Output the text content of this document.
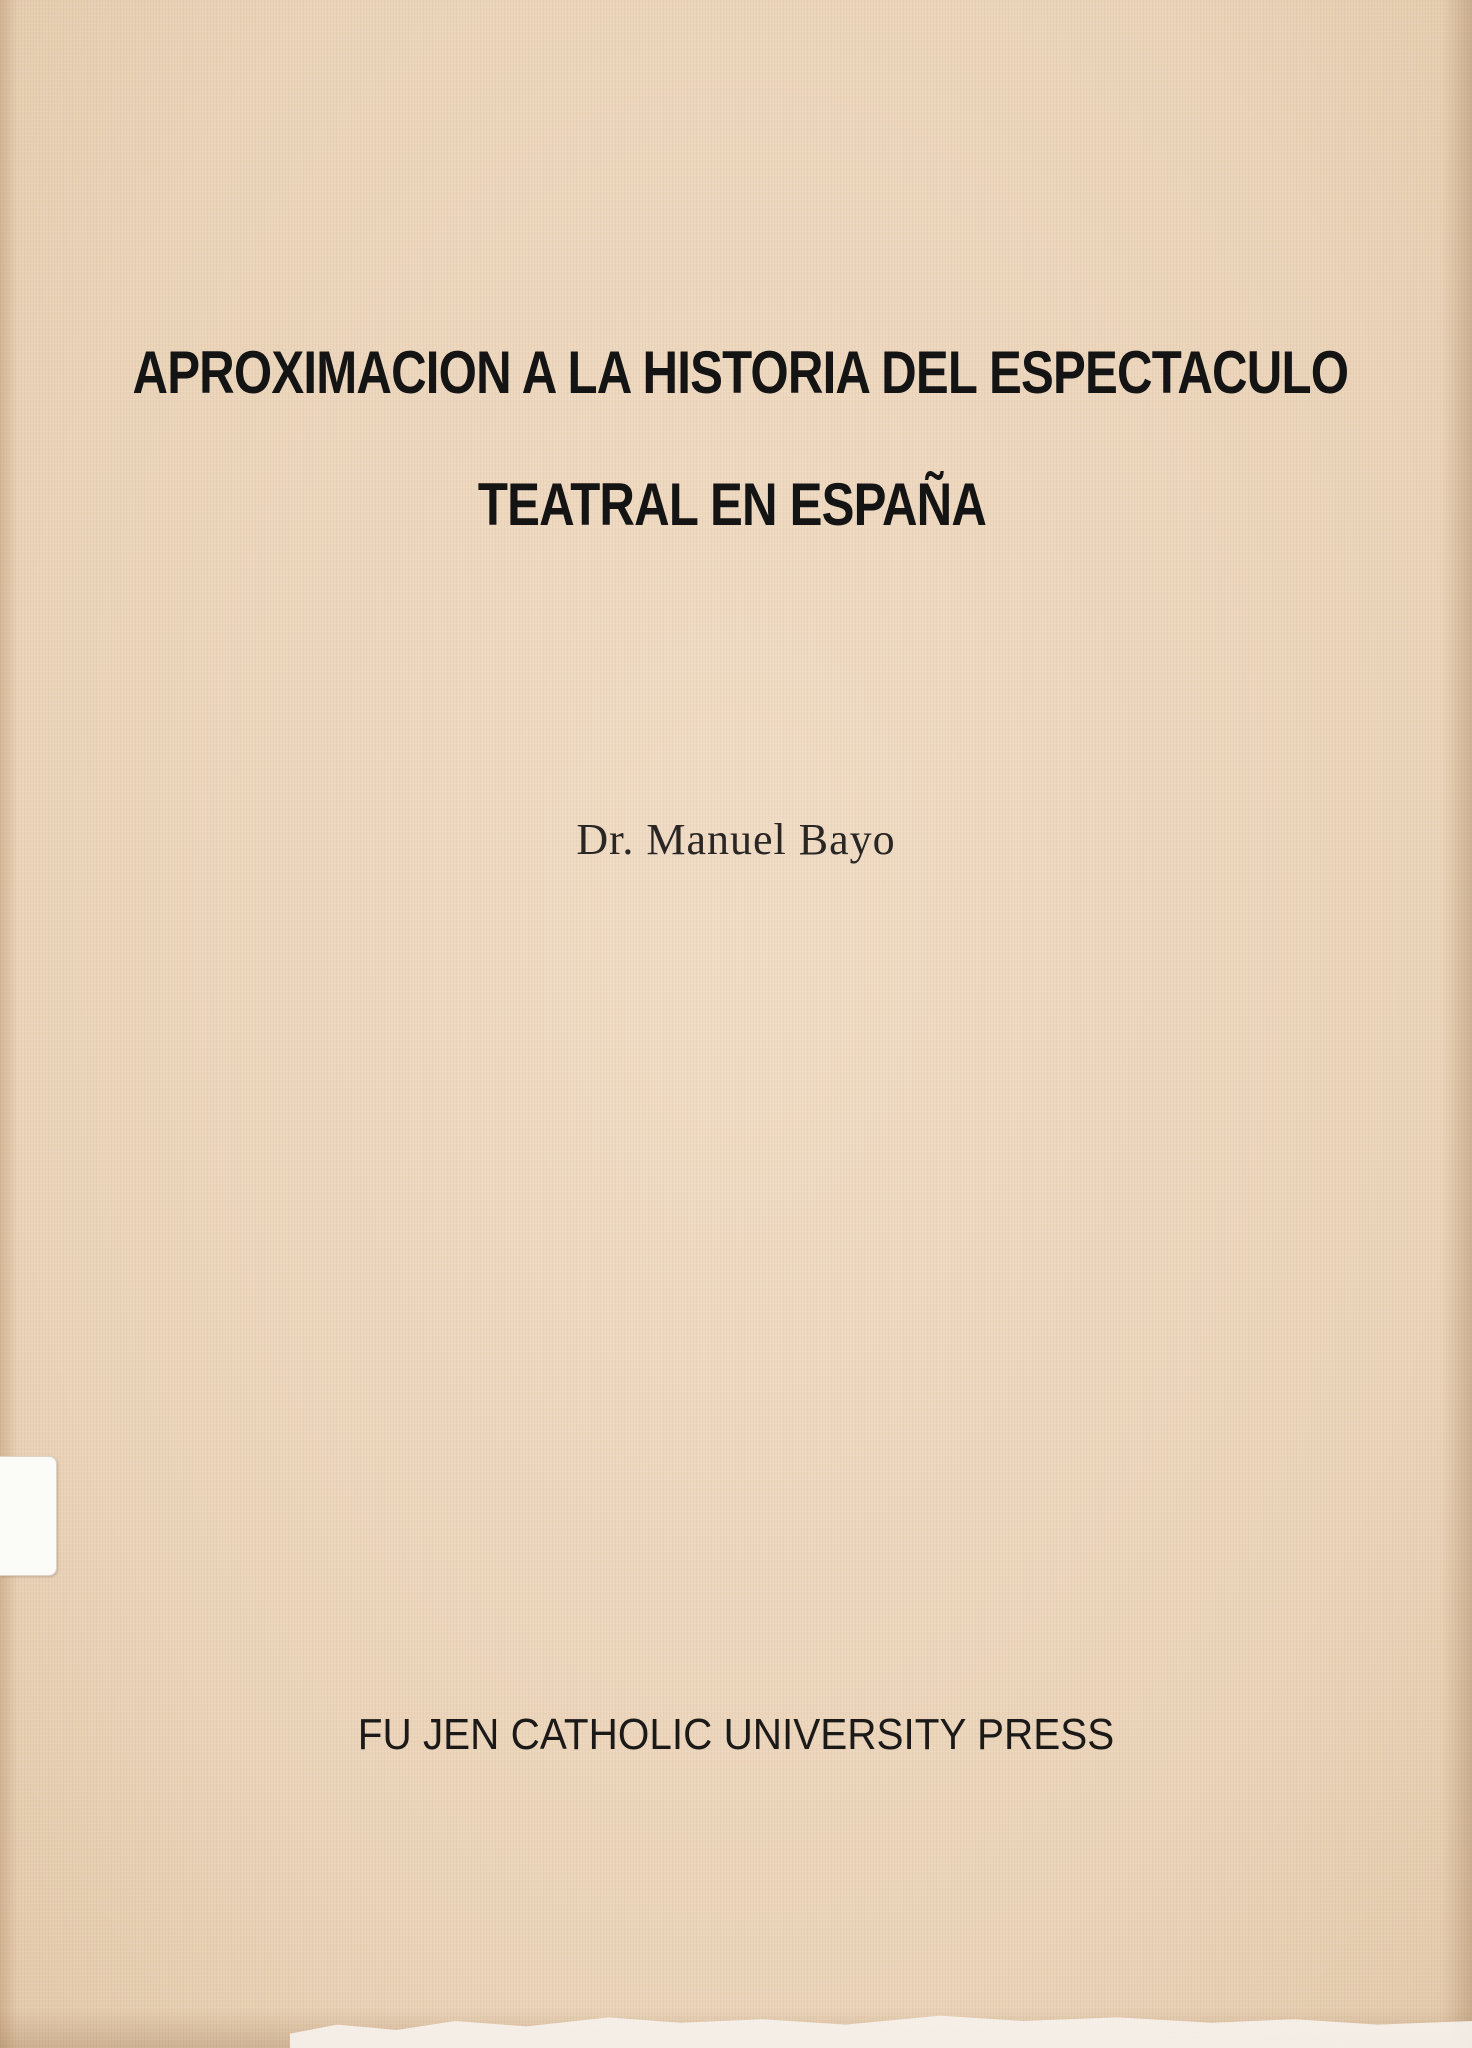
APROXIMACION A LA HISTORIA DEL ESPECTACULO
TEATRAL EN ESPAÑA
Dr. Manuel Bayo
FU JEN CATHOLIC UNIVERSITY PRESS
